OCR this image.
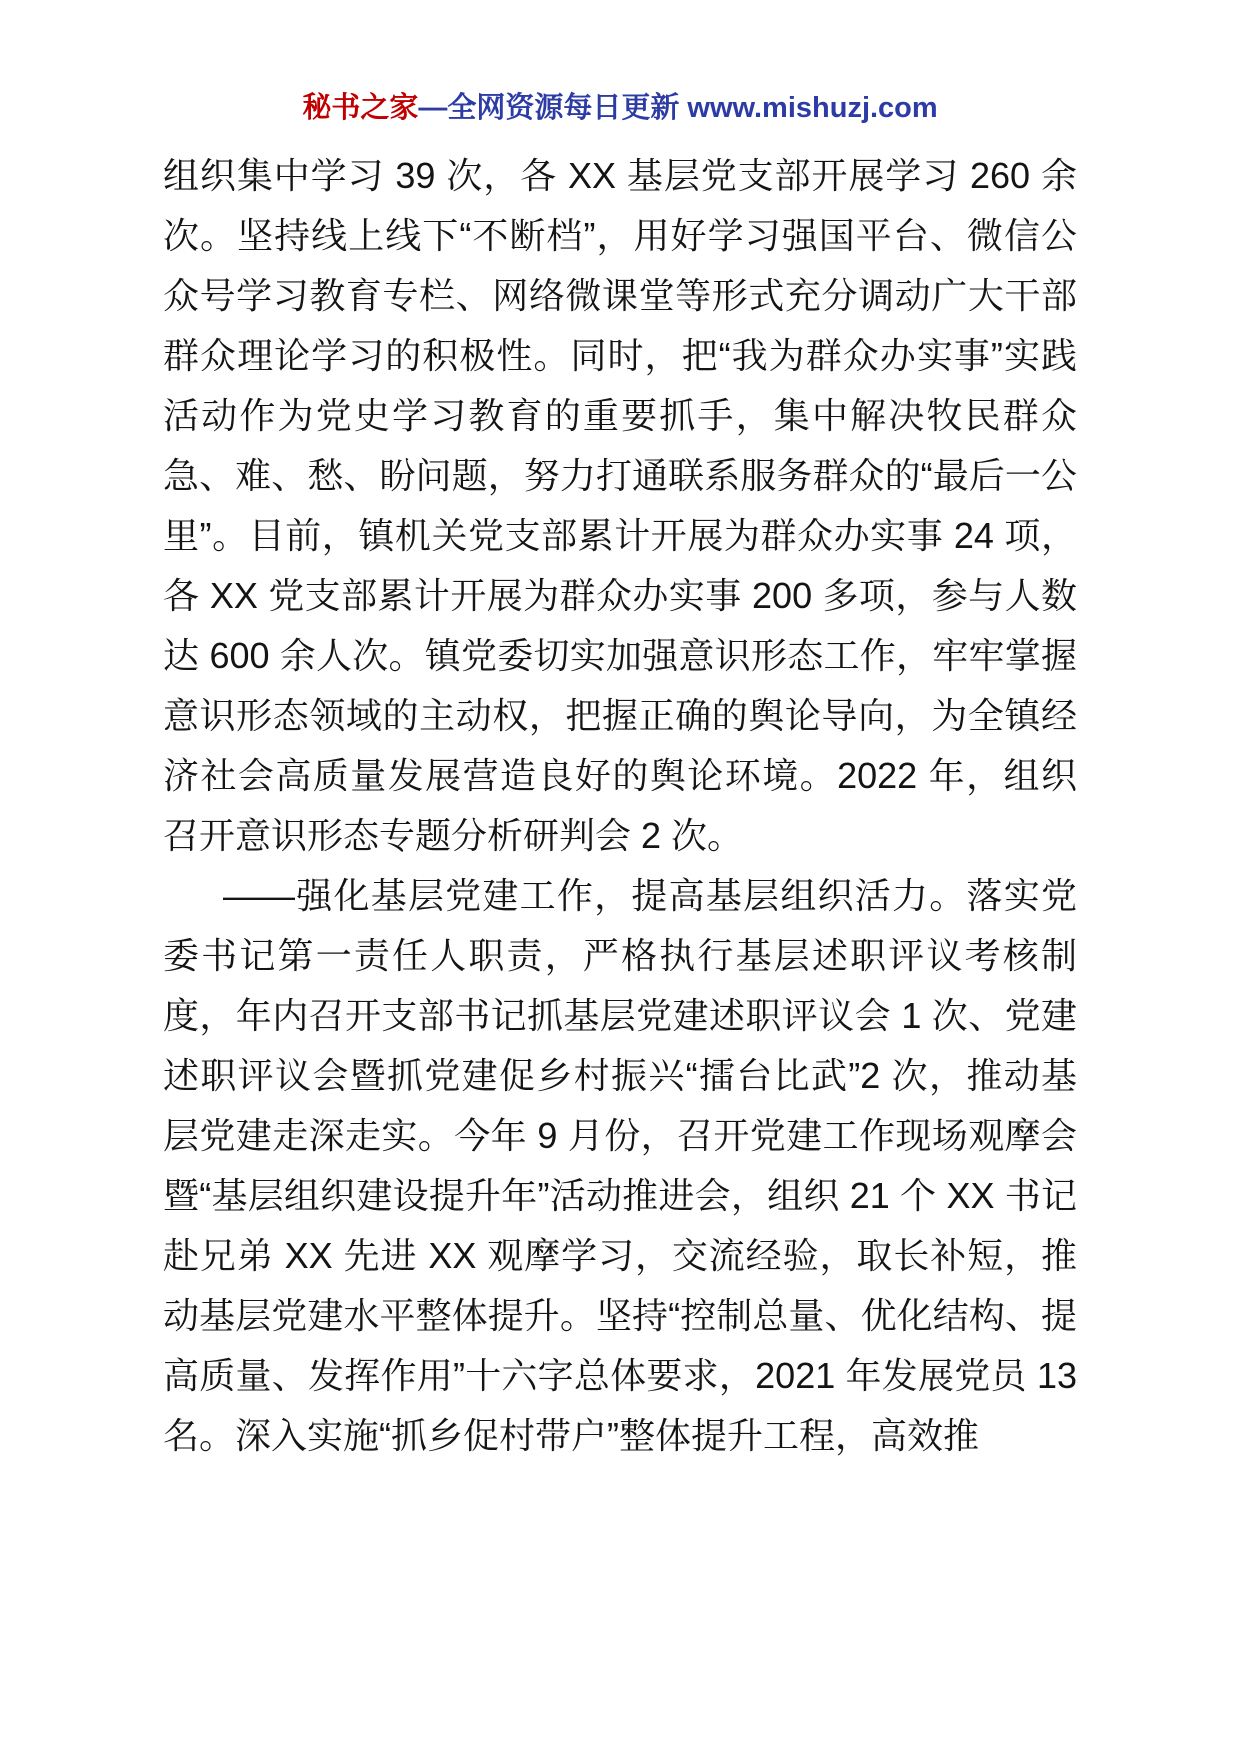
秘书之家—全网资源每日更新 www.mishuzj.com

组织集中学习 39 次，各 XX 基层党支部开展学习 260 余次。坚持线上线下“不断档”，用好学习强国平台、微信公众号学习教育专栏、网络微课堂等形式充分调动广大干部群众理论学习的积极性。同时，把“我为群众办实事”实践活动作为党史学习教育的重要抓手，集中解决牧民群众急、难、愁、盼问题，努力打通联系服务群众的“最后一公里”。目前，镇机关党支部累计开展为群众办实事 24 项，各 XX 党支部累计开展为群众办实事 200 多项，参与人数达 600 余人次。镇党委切实加强意识形态工作，牢牢掌握意识形态领域的主动权，把握正确的舆论导向，为全镇经济社会高质量发展营造良好的舆论环境。2022 年，组织召开意识形态专题分析研判会 2 次。

——强化基层党建工作，提高基层组织活力。落实党委书记第一责任人职责，严格执行基层述职评议考核制度，年内召开支部书记抓基层党建述职评议会 1 次、党建述职评议会暨抓党建促乡村振兴“擂台比武”2 次，推动基层党建走深走实。今年 9 月份，召开党建工作现场观摩会暨“基层组织建设提升年”活动推进会，组织 21 个 XX 书记赴兄弟 XX 先进 XX 观摩学习，交流经验，取长补短，推动基层党建水平整体提升。坚持“控制总量、优化结构、提高质量、发挥作用”十六字总体要求，2021 年发展党员 13 名。深入实施“抓乡促村带户”整体提升工程，高效推
